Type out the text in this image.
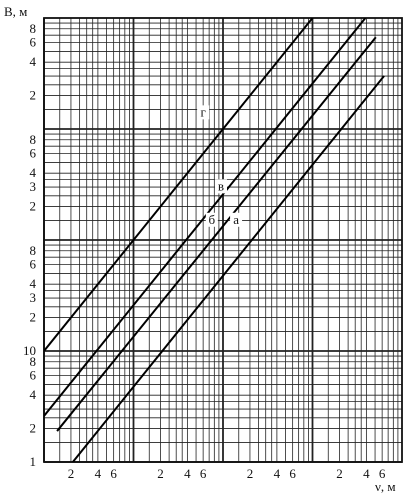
2 4 6	2 4 6	2 4 6	2 4 6
1
2
4
6
8
10
2
3
4
6
8
2
3
4
6
8
2
4
6
8
г
в
б а
B, м
ν, м
